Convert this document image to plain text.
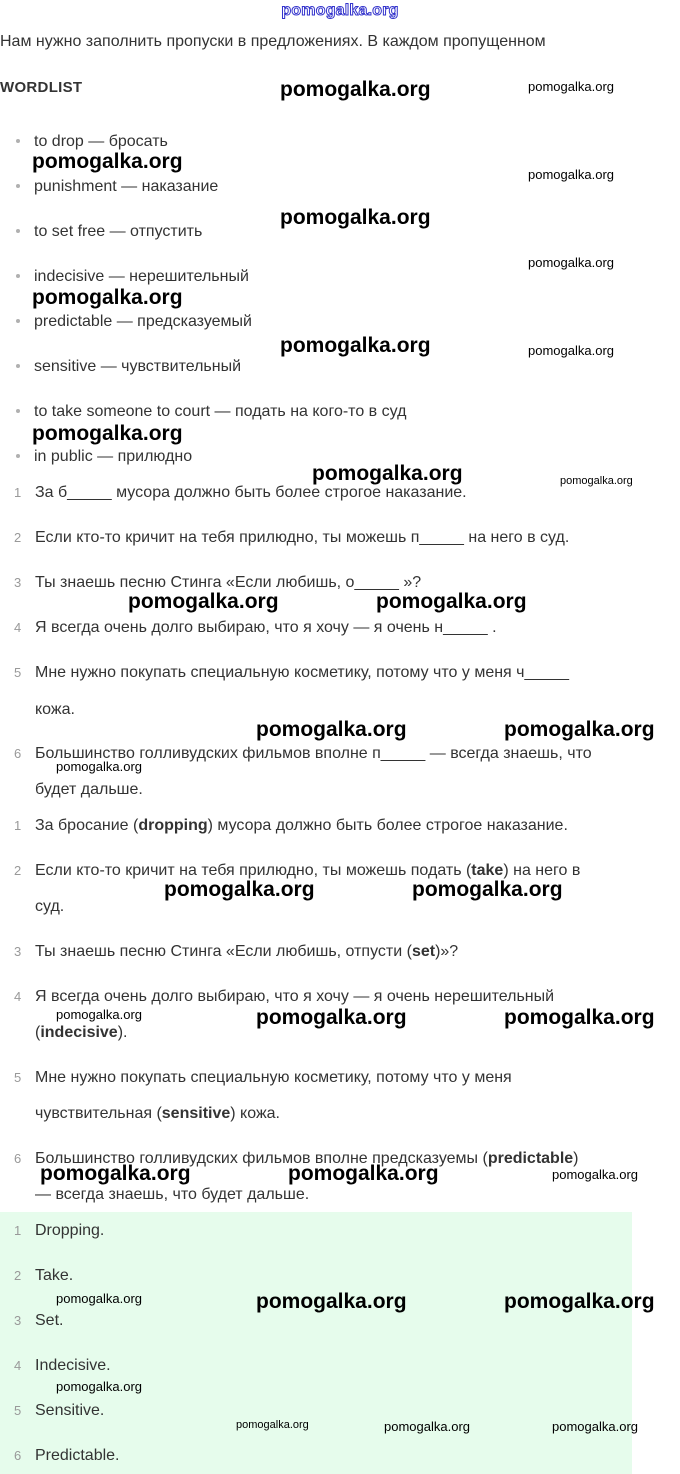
pomogalka.org
Нам нужно заполнить пропуски в предложениях. В каждом пропущенном
WORDLIST
to drop — бросать
punishment — наказание
to set free — отпустить
indecisive — нерешительный
predictable — предсказуемый
sensitive — чувствительный
to take someone to court — подать на кого-то в суд
in public — прилюдно
1 За б_____ мусора должно быть более строгое наказание.
2 Если кто-то кричит на тебя прилюдно, ты можешь п_____ на него в суд.
3 Ты знаешь песню Стинга «Если любишь, о_____ »?
4 Я всегда очень долго выбираю, что я хочу — я очень н_____ .
5 Мне нужно покупать специальную косметику, потому что у меня ч_____
кожа.
6 Большинство голливудских фильмов вполне п_____ — всегда знаешь, что
будет дальше.
1 За бросание (dropping) мусора должно быть более строгое наказание.
2 Если кто-то кричит на тебя прилюдно, ты можешь подать (take) на него в
суд.
3 Ты знаешь песню Стинга «Если любишь, отпусти (set)»?
4 Я всегда очень долго выбираю, что я хочу — я очень нерешительный
(indecisive).
5 Мне нужно покупать специальную косметику, потому что у меня
чувствительная (sensitive) кожа.
6 Большинство голливудских фильмов вполне предсказуемы (predictable)
— всегда знаешь, что будет дальше.
1 Dropping.
2 Take.
3 Set.
4 Indecisive.
5 Sensitive.
6 Predictable.
pomogalka.org	pomogalka.org
pomogalka.org
pomogalka.org
pomogalka.org
pomogalka.org
pomogalka.org
pomogalka.org	pomogalka.org
pomogalka.org
pomogalka.org	pomogalka.org
pomogalka.org	pomogalka.org
pomogalka.org	pomogalka.org
pomogalka.org
pomogalka.org	pomogalka.org
pomogalka.org	pomogalka.org	pomogalka.org
pomogalka.org	pomogalka.org	pomogalka.org
pomogalka.org	pomogalka.org	pomogalka.org
pomogalka.org
pomogalka.org	pomogalka.org	pomogalka.org
